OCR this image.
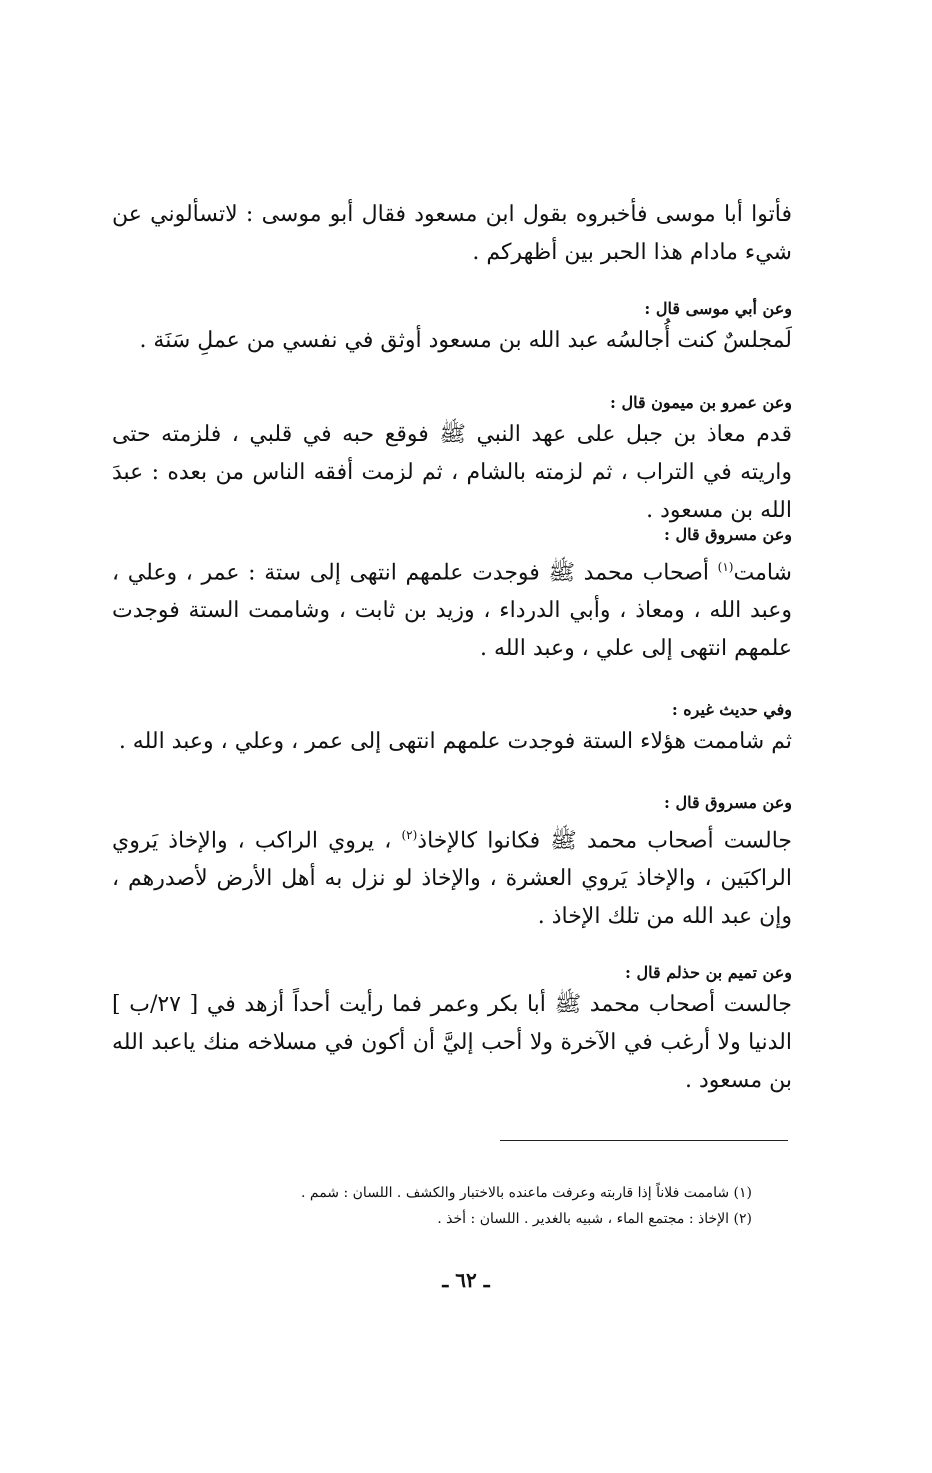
فأتوا أبا موسى فأخبروه بقول ابن مسعود فقال أبو موسى : لاتسألوني عن شيء مادام هذا الحبر بين أظهركم .

وعن أبي موسى قال :

لَمجلسٌ كنت أُجالسُه عبد الله بن مسعود أوثق في نفسي من عملِ سَنَة .

وعن عمرو بن ميمون قال :

قدم معاذ بن جبل على عهد النبي ﷺ فوقع حبه في قلبي ، فلزمته حتى واريته في التراب ، ثم لزمته بالشام ، ثم لزمت أفقه الناس من بعده : عبدَ الله بن مسعود .

وعن مسروق قال :

شامت$^{(١)}$ أصحاب محمد ﷺ فوجدت علمهم انتهى إلى ستة : عمر ، وعلي ، وعبد الله ، ومعاذ ، وأبي الدرداء ، وزيد بن ثابت ، وشاممت الستة فوجدت علمهم انتهى إلى علي ، وعبد الله .

وفي حديث غيره :

ثم شاممت هؤلاء الستة فوجدت علمهم انتهى إلى عمر ، وعلي ، وعبد الله .

وعن مسروق قال :

جالست أصحاب محمد ﷺ فكانوا كالإخاذ$^{(٢)}$ ، يروي الراكب ، والإخاذ يَروي الراكبَين ، والإخاذ يَروي العشرة ، والإخاذ لو نزل به أهل الأرض لأصدرهم ، وإن عبد الله من تلك الإخاذ .

وعن تميم بن حذلم قال :

جالست أصحاب محمد ﷺ أبا بكر وعمر فما رأيت أحداً أزهد في [ ٢٧/ب ] الدنيا ولا أرغب في الآخرة ولا أحب إليَّ أن أكون في مسلاخه منك ياعبد الله بن مسعود .

(١) شاممت فلاناً إذا قاربته وعرفت ماعنده بالاختبار والكشف . اللسان : شمم .

(٢) الإخاذ : مجتمع الماء ، شبيه بالغدير . اللسان : أخذ .

ـ ٦٢ ـ
